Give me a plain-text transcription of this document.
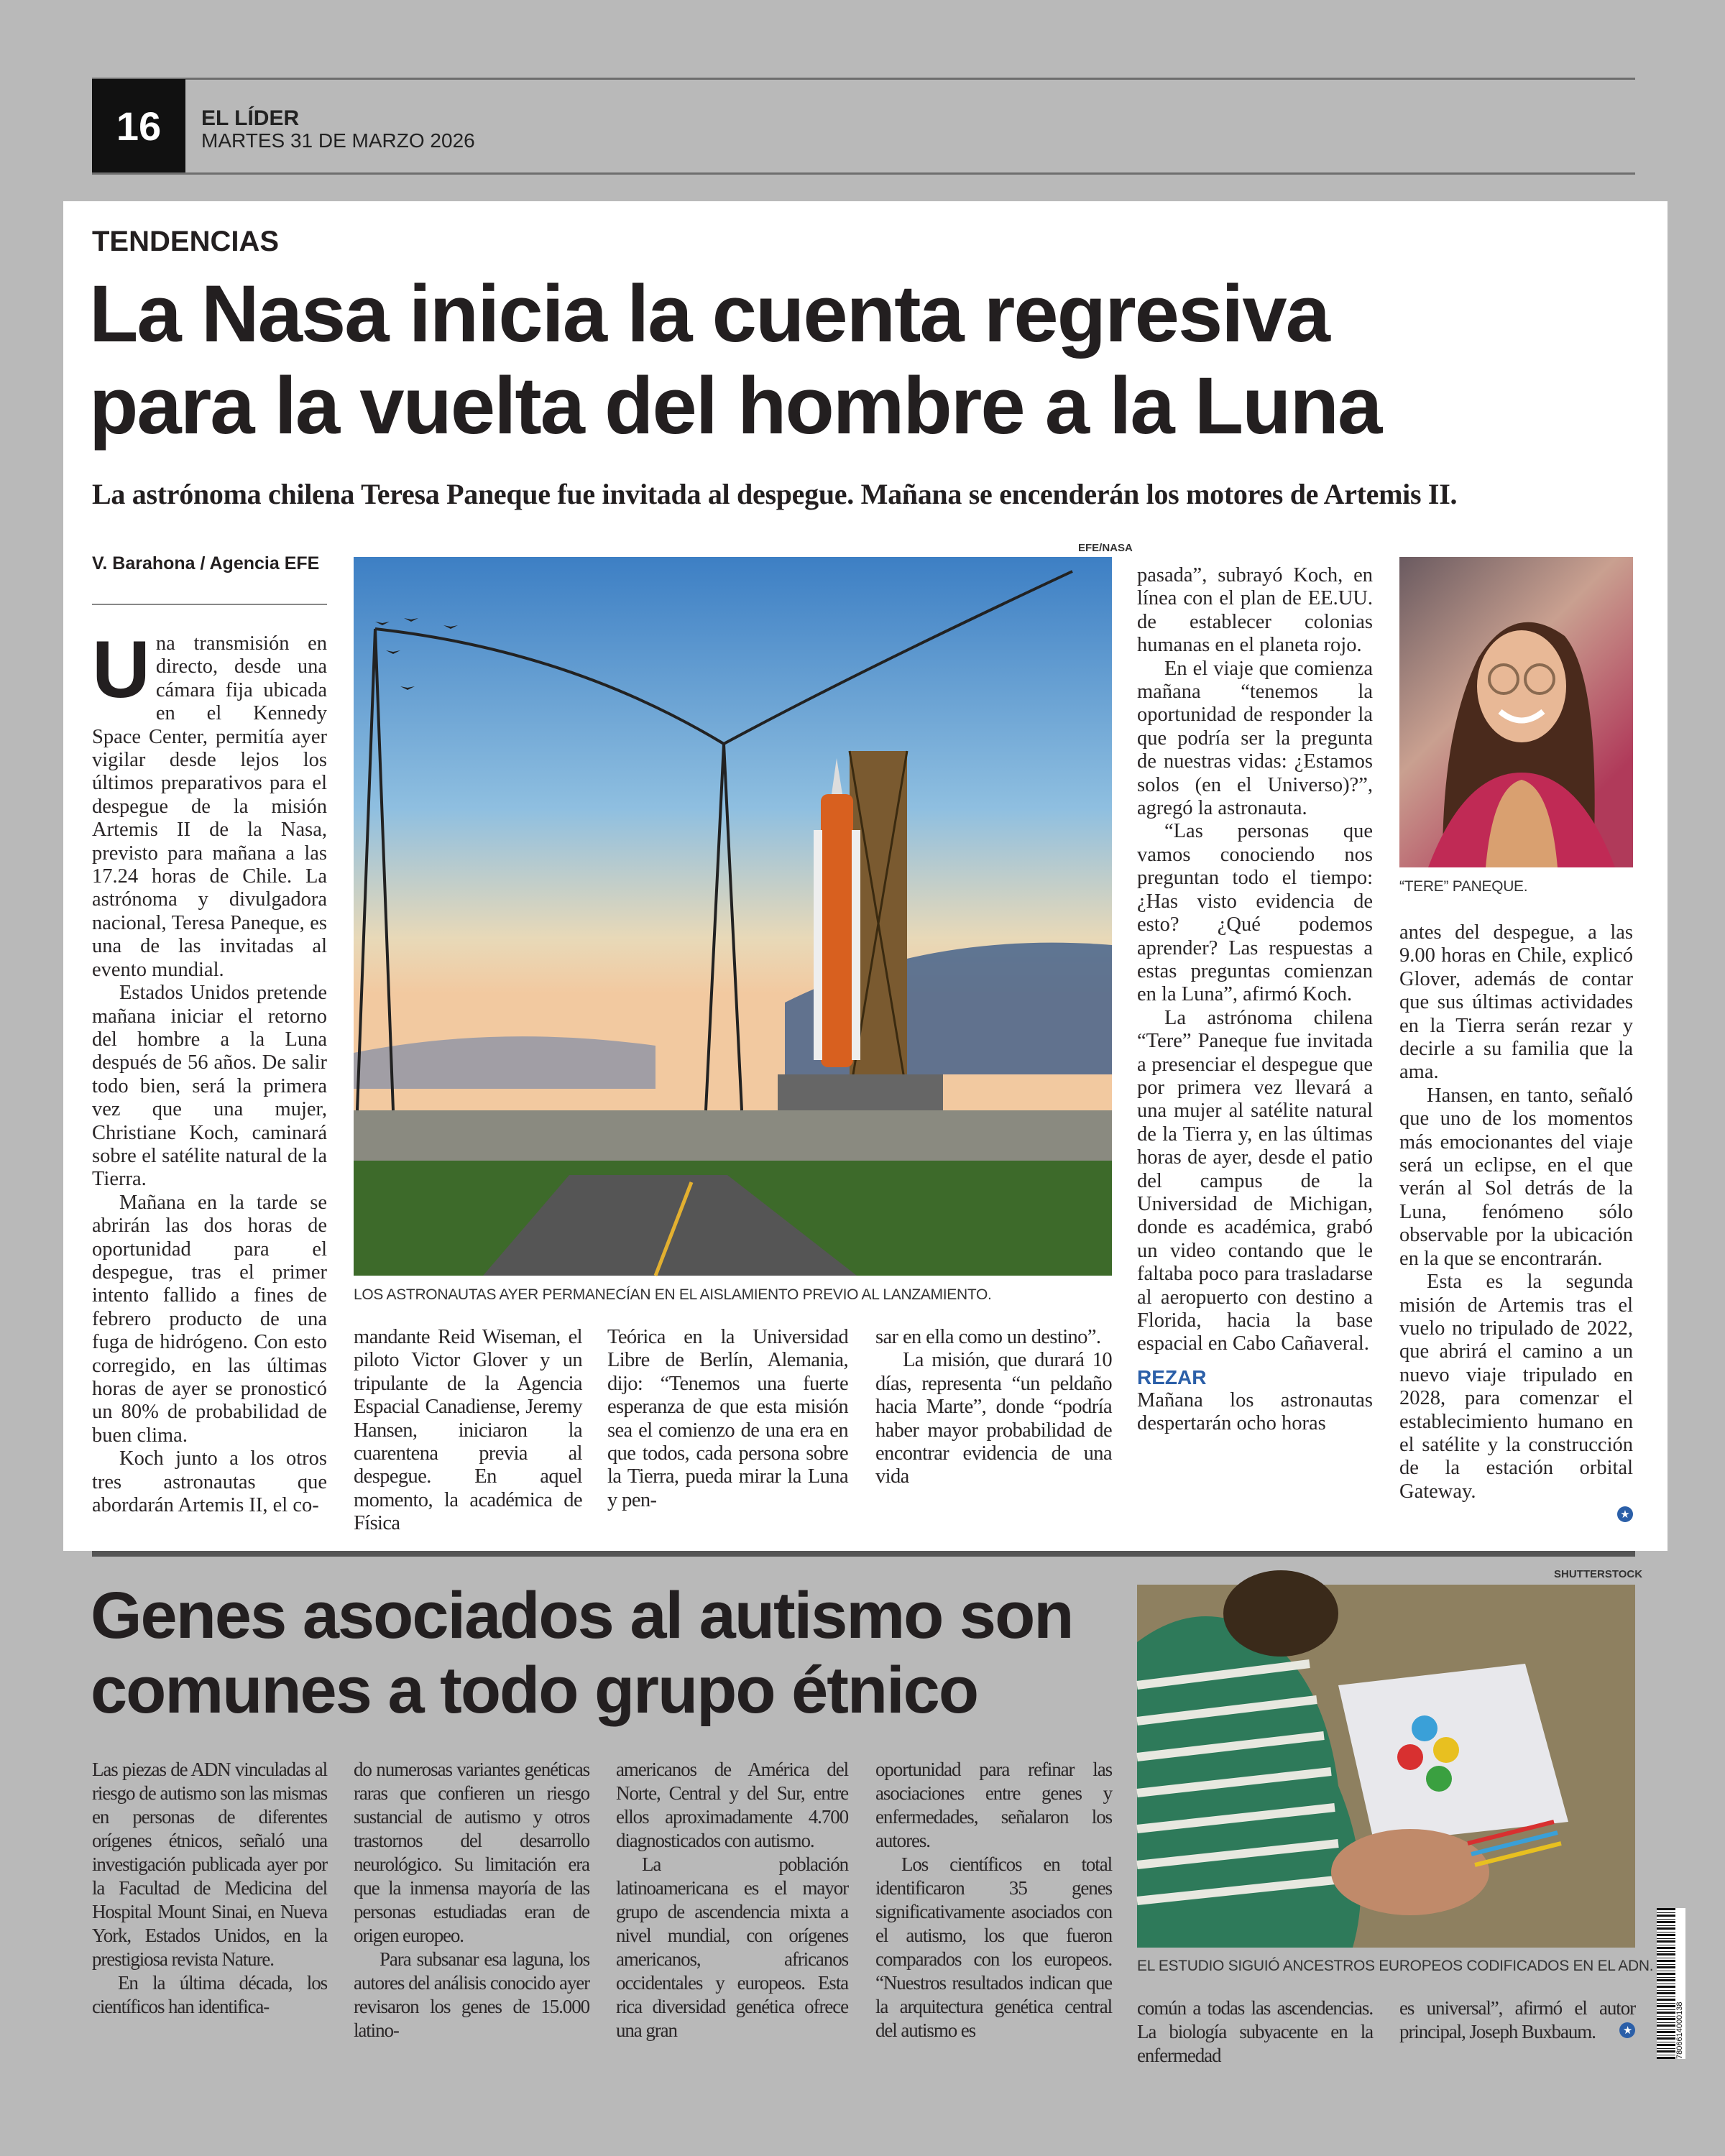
16	EL LÍDER
MARTES 31 DE MARZO 2026
TENDENCIAS
La Nasa inicia la cuenta regresiva
para la vuelta del hombre a la Luna
La astrónoma chilena Teresa Paneque fue invitada al despegue. Mañana se encenderán los motores de Artemis II.
V. Barahona / Agencia EFE

Una transmisión en directo, desde una cámara fija ubicada en el Kennedy Space Center, permitía ayer vigilar desde lejos los últimos preparativos para el despegue de la misión Artemis II de la Nasa, previsto para mañana a las 17.24 horas de Chile. La astrónoma y divulgadora nacional, Teresa Paneque, es una de las invitadas al evento mundial.

Estados Unidos pretende mañana iniciar el retorno del hombre a la Luna después de 56 años. De salir todo bien, será la primera vez que una mujer, Christiane Koch, caminará sobre el satélite natural de la Tierra.

Mañana en la tarde se abrirán las dos horas de oportunidad para el despegue, tras el primer intento fallido a fines de febrero producto de una fuga de hidrógeno. Con esto corregido, en las últimas horas de ayer se pronosticó un 80% de probabilidad de buen clima.

Koch junto a los otros tres astronautas que abordarán Artemis II, el co-

EFE/NASA
LOS ASTRONAUTAS AYER PERMANECÍAN EN EL AISLAMIENTO PREVIO AL LANZAMIENTO.

mandante Reid Wiseman, el piloto Victor Glover y un tripulante de la Agencia Espacial Canadiense, Jeremy Hansen, iniciaron la cuarentena previa al despegue. En aquel momento, la académica de Física

Teórica en la Universidad Libre de Berlín, Alemania, dijo: “Tenemos una fuerte esperanza de que esta misión sea el comienzo de una era en que todos, cada persona sobre la Tierra, pueda mirar la Luna y pen-

sar en ella como un destino”.

La misión, que durará 10 días, representa “un peldaño hacia Marte”, donde “podría haber mayor probabilidad de encontrar evidencia de una vida

pasada”, subrayó Koch, en línea con el plan de EE.UU. de establecer colonias humanas en el planeta rojo.

En el viaje que comienza mañana “tenemos la oportunidad de responder la que podría ser la pregunta de nuestras vidas: ¿Estamos solos (en el Universo)?”, agregó la astronauta.

“Las personas que vamos conociendo nos preguntan todo el tiempo: ¿Has visto evidencia de esto? ¿Qué podemos aprender? Las respuestas a estas preguntas comienzan en la Luna”, afirmó Koch.

La astrónoma chilena “Tere” Paneque fue invitada a presenciar el despegue que por primera vez llevará a una mujer al satélite natural de la Tierra y, en las últimas horas de ayer, desde el patio del campus de la Universidad de Michigan, donde es académica, grabó un video contando que le faltaba poco para trasladarse al aeropuerto con destino a Florida, hacia la base espacial en Cabo Cañaveral.

REZAR

Mañana los astronautas despertarán ocho horas

“TERE” PANEQUE.

antes del despegue, a las 9.00 horas en Chile, explicó Glover, además de contar que sus últimas actividades en la Tierra serán rezar y decirle a su familia que la ama.

Hansen, en tanto, señaló que uno de los momentos más emocionantes del viaje será un eclipse, en el que verán al Sol detrás de la Luna, fenómeno sólo observable por la ubicación en la que se encontrarán.

Esta es la segunda misión de Artemis tras el vuelo no tripulado de 2022, que abrirá el camino a un nuevo viaje tripulado en 2028, para comenzar el establecimiento humano en el satélite y la construcción de la estación orbital Gateway.

★
Genes asociados al autismo son
comunes a todo grupo étnico
SHUTTERSTOCK
EL ESTUDIO SIGUIÓ ANCESTROS EUROPEOS CODIFICADOS EN EL ADN.

Las piezas de ADN vinculadas al riesgo de autismo son las mismas en personas de diferentes orígenes étnicos, señaló una investigación publicada ayer por la Facultad de Medicina del Hospital Mount Sinai, en Nueva York, Estados Unidos, en la prestigiosa revista Nature.

En la última década, los científicos han identifica-

do numerosas variantes genéticas raras que confieren un riesgo sustancial de autismo y otros trastornos del desarrollo neurológico. Su limitación era que la inmensa mayoría de las personas estudiadas eran de origen europeo.

Para subsanar esa laguna, los autores del análisis conocido ayer revisaron los genes de 15.000 latino-

americanos de América del Norte, Central y del Sur, entre ellos aproximadamente 4.700 diagnosticados con autismo.

La población latinoamericana es el mayor grupo de ascendencia mixta a nivel mundial, con orígenes americanos, africanos occidentales y europeos. Esta rica diversidad genética ofrece una gran

oportunidad para refinar las asociaciones entre genes y enfermedades, señalaron los autores.

Los científicos en total identificaron 35 genes significativamente asociados con el autismo, los que fueron comparados con los europeos. “Nuestros resultados indican que la arquitectura genética central del autismo es

común a todas las ascendencias. La biología subyacente en la enfermedad

es universal”, afirmó el autor principal, Joseph Buxbaum.	★	7806614000138
